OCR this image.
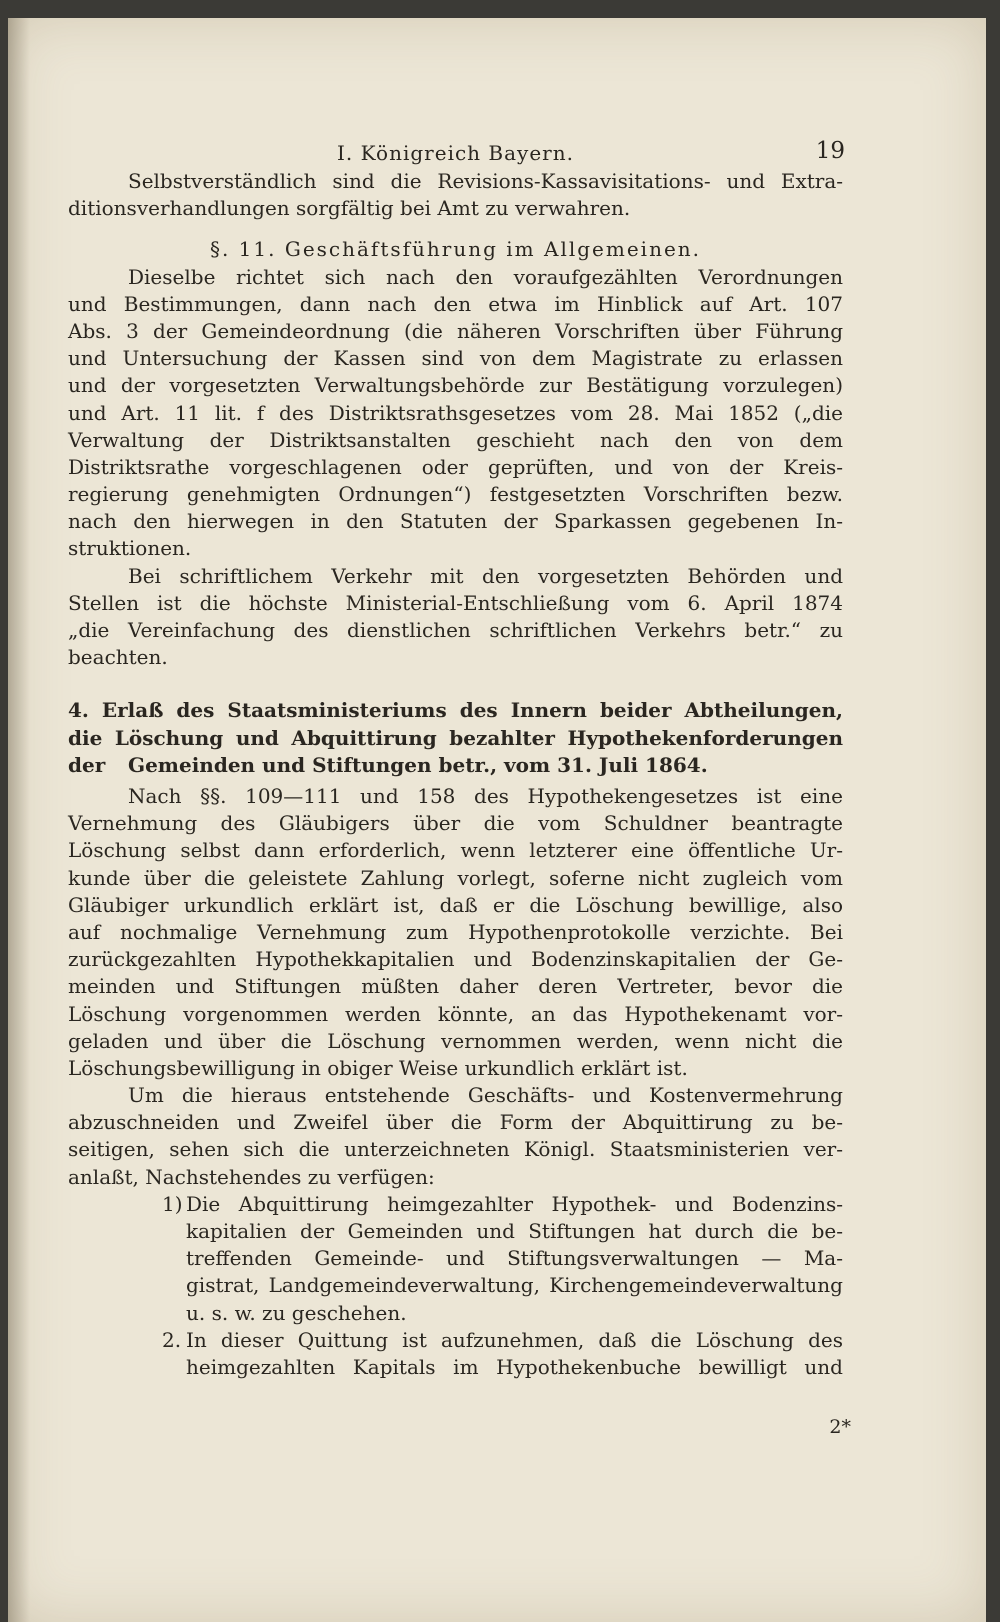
I. Königreich Bayern.	19
Selbstverständlich sind die Revisions-Kassavisitations- und Extra-
ditionsverhandlungen sorgfältig bei Amt zu verwahren.
§. 11. Geschäftsführung im Allgemeinen.
Dieselbe richtet sich nach den voraufgezählten Verordnungen
und Bestimmungen, dann nach den etwa im Hinblick auf Art. 107
Abs. 3 der Gemeindeordnung (die näheren Vorschriften über Führung
und Untersuchung der Kassen sind von dem Magistrate zu erlassen
und der vorgesetzten Verwaltungsbehörde zur Bestätigung vorzulegen)
und Art. 11 lit. f des Distriktsrathsgesetzes vom 28. Mai 1852 („die
Verwaltung der Distriktsanstalten geschieht nach den von dem
Distriktsrathe vorgeschlagenen oder geprüften, und von der Kreis-
regierung genehmigten Ordnungen“) festgesetzten Vorschriften bezw.
nach den hierwegen in den Statuten der Sparkassen gegebenen In-
struktionen.
Bei schriftlichem Verkehr mit den vorgesetzten Behörden und
Stellen ist die höchste Ministerial-Entschließung vom 6. April 1874
„die Vereinfachung des dienstlichen schriftlichen Verkehrs betr.“ zu
beachten.
4. Erlaß des Staatsministeriums des Innern beider Abtheilungen,
die Löschung und Abquittirung bezahlter Hypothekenforderungen der	Gemeinden und Stiftungen betr., vom 31. Juli 1864.
Nach §§. 109—111 und 158 des Hypothekengesetzes ist eine
Vernehmung des Gläubigers über die vom Schuldner beantragte
Löschung selbst dann erforderlich, wenn letzterer eine öffentliche Ur-
kunde über die geleistete Zahlung vorlegt, soferne nicht zugleich vom
Gläubiger urkundlich erklärt ist, daß er die Löschung bewillige, also
auf nochmalige Vernehmung zum Hypothenprotokolle verzichte. Bei
zurückgezahlten Hypothekkapitalien und Bodenzinskapitalien der Ge-
meinden und Stiftungen müßten daher deren Vertreter, bevor die
Löschung vorgenommen werden könnte, an das Hypothekenamt vor-
geladen und über die Löschung vernommen werden, wenn nicht die
Löschungsbewilligung in obiger Weise urkundlich erklärt ist.
Um die hieraus entstehende Geschäfts- und Kostenvermehrung
abzuschneiden und Zweifel über die Form der Abquittirung zu be-
seitigen, sehen sich die unterzeichneten Königl. Staatsministerien ver-
anlaßt, Nachstehendes zu verfügen:
1) Die Abquittirung heimgezahlter Hypothek- und Bodenzins-
kapitalien der Gemeinden und Stiftungen hat durch die be-
treffenden Gemeinde- und Stiftungsverwaltungen — Ma-
gistrat, Landgemeindeverwaltung, Kirchengemeindeverwaltung
u. s. w. zu geschehen.
2. In dieser Quittung ist aufzunehmen, daß die Löschung des
heimgezahlten Kapitals im Hypothekenbuche bewilligt und
2*
